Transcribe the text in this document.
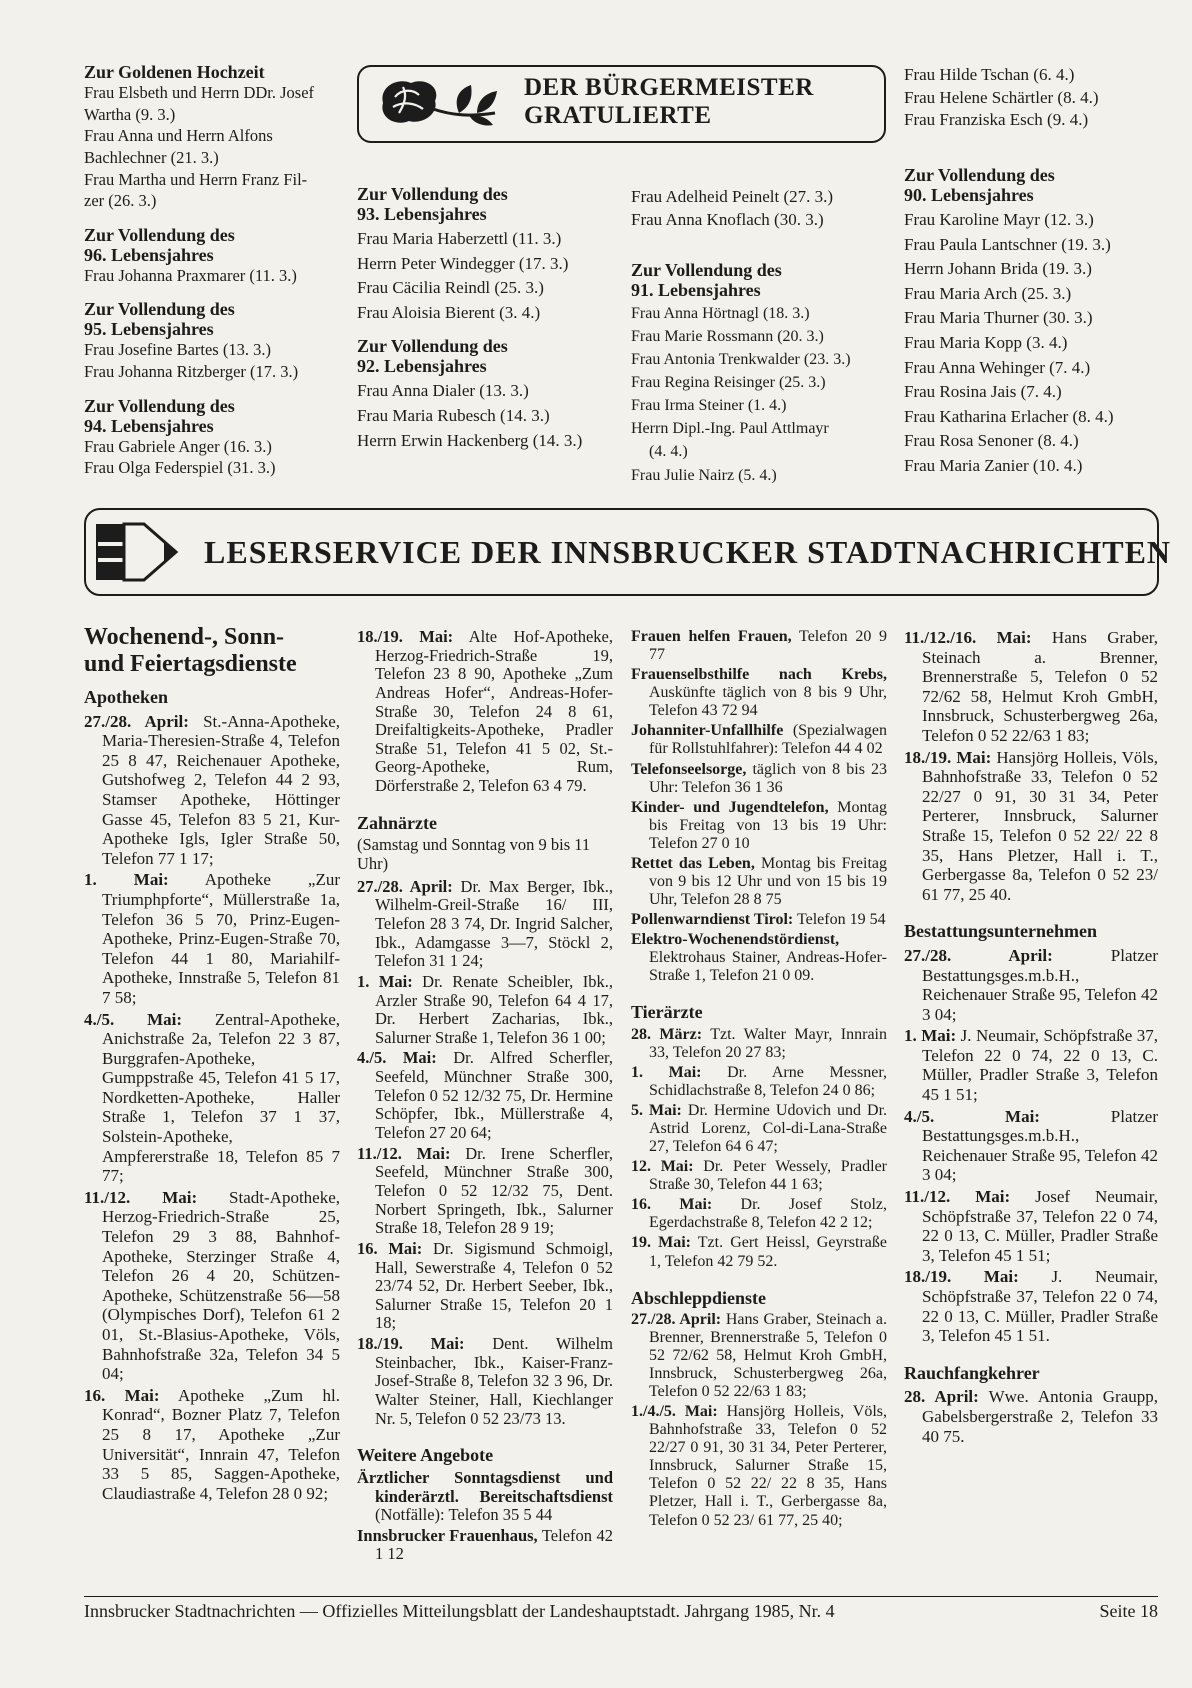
DER BÜRGERMEISTER
GRATULIERTE
Zur Goldenen Hochzeit
Frau Elsbeth und Herrn DDr. Josef
Wartha (9. 3.)
Frau Anna und Herrn Alfons
Bachlechner (21. 3.)
Frau Martha und Herrn Franz Fil-
zer (26. 3.)
Zur Vollendung des
96. Lebensjahres
Frau Johanna Praxmarer (11. 3.)
Zur Vollendung des
95. Lebensjahres
Frau Josefine Bartes (13. 3.)
Frau Johanna Ritzberger (17. 3.)
Zur Vollendung des
94. Lebensjahres
Frau Gabriele Anger (16. 3.)
Frau Olga Federspiel (31. 3.)
Zur Vollendung des
93. Lebensjahres
Frau Maria Haberzettl (11. 3.)
Herrn Peter Windegger (17. 3.)
Frau Cäcilia Reindl (25. 3.)
Frau Aloisia Bierent (3. 4.)
Zur Vollendung des
92. Lebensjahres
Frau Anna Dialer (13. 3.)
Frau Maria Rubesch (14. 3.)
Herrn Erwin Hackenberg (14. 3.)
Frau Adelheid Peinelt (27. 3.)
Frau Anna Knoflach (30. 3.)
Zur Vollendung des
91. Lebensjahres
Frau Anna Hörtnagl (18. 3.)
Frau Marie Rossmann (20. 3.)
Frau Antonia Trenkwalder (23. 3.)
Frau Regina Reisinger (25. 3.)
Frau Irma Steiner (1. 4.)
Herrn Dipl.-Ing. Paul Attlmayr
(4. 4.)
Frau Julie Nairz (5. 4.)
Frau Hilde Tschan (6. 4.)
Frau Helene Schärtler (8. 4.)
Frau Franziska Esch (9. 4.)
Zur Vollendung des
90. Lebensjahres
Frau Karoline Mayr (12. 3.)
Frau Paula Lantschner (19. 3.)
Herrn Johann Brida (19. 3.)
Frau Maria Arch (25. 3.)
Frau Maria Thurner (30. 3.)
Frau Maria Kopp (3. 4.)
Frau Anna Wehinger (7. 4.)
Frau Rosina Jais (7. 4.)
Frau Katharina Erlacher (8. 4.)
Frau Rosa Senoner (8. 4.)
Frau Maria Zanier (10. 4.)
LESERSERVICE DER INNSBRUCKER STADTNACHRICHTEN
Wochenend-, Sonn-
und Feiertagsdienste
Apotheken

27./28. April: St.-Anna-Apotheke, Maria-Theresien-Straße 4, Telefon 25 8 47, Reichenauer Apotheke, Gutshofweg 2, Telefon 44 2 93, Stamser Apotheke, Höttinger Gasse 45, Telefon 83 5 21, Kur-Apotheke Igls, Igler Straße 50, Telefon 77 1 17;

1. Mai: Apotheke „Zur Triumphpforte“, Müllerstraße 1a, Telefon 36 5 70, Prinz-Eugen-Apotheke, Prinz-Eugen-Straße 70, Telefon 44 1 80, Mariahilf-Apotheke, Innstraße 5, Telefon 81 7 58;

4./5. Mai: Zentral-Apotheke, Anichstraße 2a, Telefon 22 3 87, Burggrafen-Apotheke, Gumppstraße 45, Telefon 41 5 17, Nordketten-Apotheke, Haller Straße 1, Telefon 37 1 37, Solstein-Apotheke, Ampfererstraße 18, Telefon 85 7 77;

11./12. Mai: Stadt-Apotheke, Herzog-Friedrich-Straße 25, Telefon 29 3 88, Bahnhof-Apotheke, Sterzinger Straße 4, Telefon 26 4 20, Schützen-Apotheke, Schützenstraße 56—58 (Olympisches Dorf), Telefon 61 2 01, St.-Blasius-Apotheke, Völs, Bahnhofstraße 32a, Telefon 34 5 04;

16. Mai: Apotheke „Zum hl. Konrad“, Bozner Platz 7, Telefon 25 8 17, Apotheke „Zur Universität“, Innrain 47, Telefon 33 5 85, Saggen-Apotheke, Claudiastraße 4, Telefon 28 0 92;

18./19. Mai: Alte Hof-Apotheke, Herzog-Friedrich-Straße 19, Telefon 23 8 90, Apotheke „Zum Andreas Hofer“, Andreas-Hofer-Straße 30, Telefon 24 8 61, Dreifaltigkeits-Apotheke, Pradler Straße 51, Telefon 41 5 02, St.-Georg-Apotheke, Rum, Dörferstraße 2, Telefon 63 4 79.

Zahnärzte

(Samstag und Sonntag von 9 bis 11 Uhr)

27./28. April: Dr. Max Berger, Ibk., Wilhelm-Greil-Straße 16/ III, Telefon 28 3 74, Dr. Ingrid Salcher, Ibk., Adamgasse 3—7, Stöckl 2, Telefon 31 1 24;

1. Mai: Dr. Renate Scheibler, Ibk., Arzler Straße 90, Telefon 64 4 17, Dr. Herbert Zacharias, Ibk., Salurner Straße 1, Telefon 36 1 00;

4./5. Mai: Dr. Alfred Scherfler, Seefeld, Münchner Straße 300, Telefon 0 52 12/32 75, Dr. Hermine Schöpfer, Ibk., Müllerstraße 4, Telefon 27 20 64;

11./12. Mai: Dr. Irene Scherfler, Seefeld, Münchner Straße 300, Telefon 0 52 12/32 75, Dent. Norbert Springeth, Ibk., Salurner Straße 18, Telefon 28 9 19;

16. Mai: Dr. Sigismund Schmoigl, Hall, Sewerstraße 4, Telefon 0 52 23/74 52, Dr. Herbert Seeber, Ibk., Salurner Straße 15, Telefon 20 1 18;

18./19. Mai: Dent. Wilhelm Steinbacher, Ibk., Kaiser-Franz-Josef-Straße 8, Telefon 32 3 96, Dr. Walter Steiner, Hall, Kiechlanger Nr. 5, Telefon 0 52 23/73 13.

Weitere Angebote

Ärztlicher Sonntagsdienst und kinderärztl. Bereitschaftsdienst (Notfälle): Telefon 35 5 44

Innsbrucker Frauenhaus, Telefon 42 1 12

Frauen helfen Frauen, Telefon 20 9 77

Frauenselbsthilfe nach Krebs, Auskünfte täglich von 8 bis 9 Uhr, Telefon 43 72 94

Johanniter-Unfallhilfe (Spezialwagen für Rollstuhlfahrer): Telefon 44 4 02

Telefonseelsorge, täglich von 8 bis 23 Uhr: Telefon 36 1 36

Kinder- und Jugendtelefon, Montag bis Freitag von 13 bis 19 Uhr: Telefon 27 0 10

Rettet das Leben, Montag bis Freitag von 9 bis 12 Uhr und von 15 bis 19 Uhr, Telefon 28 8 75

Pollenwarndienst Tirol: Telefon 19 54

Elektro-Wochenendstördienst, Elektrohaus Stainer, Andreas-Hofer-Straße 1, Telefon 21 0 09.

Tierärzte

28. März: Tzt. Walter Mayr, Innrain 33, Telefon 20 27 83;

1. Mai: Dr. Arne Messner, Schidlachstraße 8, Telefon 24 0 86;

5. Mai: Dr. Hermine Udovich und Dr. Astrid Lorenz, Col-di-Lana-Straße 27, Telefon 64 6 47;

12. Mai: Dr. Peter Wessely, Pradler Straße 30, Telefon 44 1 63;

16. Mai: Dr. Josef Stolz, Egerdachstraße 8, Telefon 42 2 12;

19. Mai: Tzt. Gert Heissl, Geyrstraße 1, Telefon 42 79 52.

Abschleppdienste

27./28. April: Hans Graber, Steinach a. Brenner, Brennerstraße 5, Telefon 0 52 72/62 58, Helmut Kroh GmbH, Innsbruck, Schusterbergweg 26a, Telefon 0 52 22/63 1 83;

1./4./5. Mai: Hansjörg Holleis, Völs, Bahnhofstraße 33, Telefon 0 52 22/27 0 91, 30 31 34, Peter Perterer, Innsbruck, Salurner Straße 15, Telefon 0 52 22/ 22 8 35, Hans Pletzer, Hall i. T., Gerbergasse 8a, Telefon 0 52 23/ 61 77, 25 40;

11./12./16. Mai: Hans Graber, Steinach a. Brenner, Brennerstraße 5, Telefon 0 52 72/62 58, Helmut Kroh GmbH, Innsbruck, Schusterbergweg 26a, Telefon 0 52 22/63 1 83;

18./19. Mai: Hansjörg Holleis, Völs, Bahnhofstraße 33, Telefon 0 52 22/27 0 91, 30 31 34, Peter Perterer, Innsbruck, Salurner Straße 15, Telefon 0 52 22/ 22 8 35, Hans Pletzer, Hall i. T., Gerbergasse 8a, Telefon 0 52 23/ 61 77, 25 40.

Bestattungsunternehmen

27./28. April: Platzer Bestattungsges.m.b.H., Reichenauer Straße 95, Telefon 42 3 04;

1. Mai: J. Neumair, Schöpfstraße 37, Telefon 22 0 74, 22 0 13, C. Müller, Pradler Straße 3, Telefon 45 1 51;

4./5. Mai: Platzer Bestattungsges.m.b.H., Reichenauer Straße 95, Telefon 42 3 04;

11./12. Mai: Josef Neumair, Schöpfstraße 37, Telefon 22 0 74, 22 0 13, C. Müller, Pradler Straße 3, Telefon 45 1 51;

18./19. Mai: J. Neumair, Schöpfstraße 37, Telefon 22 0 74, 22 0 13, C. Müller, Pradler Straße 3, Telefon 45 1 51.

Rauchfangkehrer

28. April: Wwe. Antonia Graupp, Gabelsbergerstraße 2, Telefon 33 40 75.

Innsbrucker Stadtnachrichten — Offizielles Mitteilungsblatt der Landeshauptstadt. Jahrgang 1985, Nr. 4	Seite 18
